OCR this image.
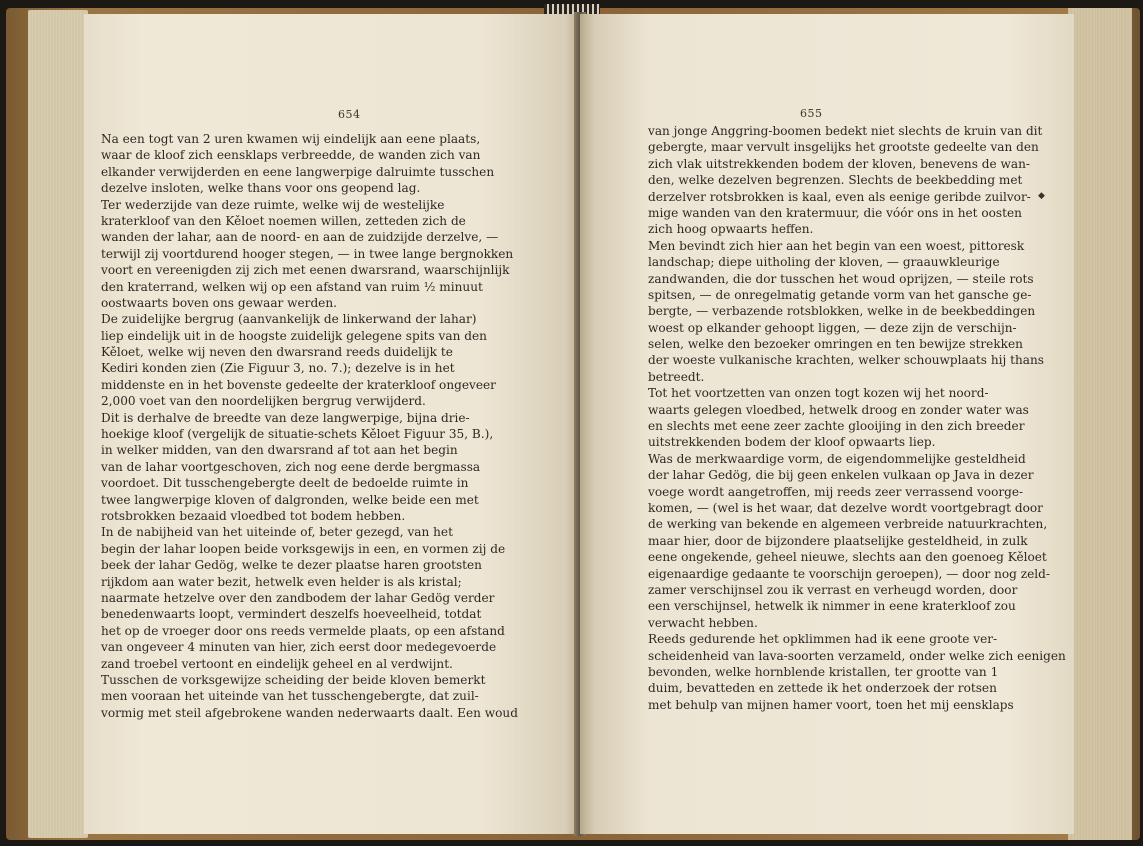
654
Na een togt van 2 uren kwamen wij eindelijk aan eene plaats,
waar de kloof zich eensklaps verbreedde, de wanden zich van
elkander verwijderden en eene langwerpige dalruimte tusschen
dezelve insloten, welke thans voor ons geopend lag.
Ter wederzijde van deze ruimte, welke wij de westelijke
kraterkloof van den Kěloet noemen willen, zetteden zich de
wanden der lahar, aan de noord- en aan de zuidzijde derzelve, —
terwijl zij voortdurend hooger stegen, — in twee lange bergnokken
voort en vereenigden zij zich met eenen dwarsrand, waarschijnlijk
den kraterrand, welken wij op een afstand van ruim ½ minuut
oostwaarts boven ons gewaar werden.
De zuidelijke bergrug (aanvankelijk de linkerwand der lahar)
liep eindelijk uit in de hoogste zuidelijk gelegene spits van den
Kěloet, welke wij neven den dwarsrand reeds duidelijk te
Kediri konden zien (Zie Figuur 3, no. 7.); dezelve is in het
middenste en in het bovenste gedeelte der kraterkloof ongeveer
2,000 voet van den noordelijken bergrug verwijderd.
Dit is derhalve de breedte van deze langwerpige, bijna drie-
hoekige kloof (vergelijk de situatie-schets Kěloet Figuur 35, B.),
in welker midden, van den dwarsrand af tot aan het begin
van de lahar voortgeschoven, zich nog eene derde bergmassa
voordoet. Dit tusschengebergte deelt de bedoelde ruimte in
twee langwerpige kloven of dalgronden, welke beide een met
rotsbrokken bezaaid vloedbed tot bodem hebben.
In de nabijheid van het uiteinde of, beter gezegd, van het
begin der lahar loopen beide vorksgewijs in een, en vormen zij de
beek der lahar Gedög, welke te dezer plaatse haren grootsten
rijkdom aan water bezit, hetwelk even helder is als kristal;
naarmate hetzelve over den zandbodem der lahar Gedög verder
benedenwaarts loopt, vermindert deszelfs hoeveelheid, totdat
het op de vroeger door ons reeds vermelde plaats, op een afstand
van ongeveer 4 minuten van hier, zich eerst door medegevoerde
zand troebel vertoont en eindelijk geheel en al verdwijnt.
Tusschen de vorksgewijze scheiding der beide kloven bemerkt
men vooraan het uiteinde van het tusschengebergte, dat zuil-
vormig met steil afgebrokene wanden nederwaarts daalt. Een woud
655
van jonge Anggring-boomen bedekt niet slechts de kruin van dit
gebergte, maar vervult insgelijks het grootste gedeelte van den
zich vlak uitstrekkenden bodem der kloven, benevens de wan-
den, welke dezelven begrenzen. Slechts de beekbedding met
derzelver rotsbrokken is kaal, even als eenige geribde zuilvor-
mige wanden van den kratermuur, die vóór ons in het oosten
zich hoog opwaarts heffen.
Men bevindt zich hier aan het begin van een woest, pittoresk
landschap; diepe uitholing der kloven, — graauwkleurige
zandwanden, die dor tusschen het woud oprijzen, — steile rots
spitsen, — de onregelmatig getande vorm van het gansche ge-
bergte, — verbazende rotsblokken, welke in de beekbeddingen
woest op elkander gehoopt liggen, — deze zijn de verschijn-
selen, welke den bezoeker omringen en ten bewijze strekken
der woeste vulkanische krachten, welker schouwplaats hij thans
betreedt.
Tot het voortzetten van onzen togt kozen wij het noord-
waarts gelegen vloedbed, hetwelk droog en zonder water was
en slechts met eene zeer zachte glooijing in den zich breeder
uitstrekkenden bodem der kloof opwaarts liep.
Was de merkwaardige vorm, de eigendommelijke gesteldheid
der lahar Gedög, die bij geen enkelen vulkaan op Java in dezer
voege wordt aangetroffen, mij reeds zeer verrassend voorge-
komen, — (wel is het waar, dat dezelve wordt voortgebragt door
de werking van bekende en algemeen verbreide natuurkrachten,
maar hier, door de bijzondere plaatselijke gesteldheid, in zulk
eene ongekende, geheel nieuwe, slechts aan den goenoeg Kěloet
eigenaardige gedaante te voorschijn geroepen), — door nog zeld-
zamer verschijnsel zou ik verrast en verheugd worden, door
een verschijnsel, hetwelk ik nimmer in eene kraterkloof zou
verwacht hebben.
Reeds gedurende het opklimmen had ik eene groote ver-
scheidenheid van lava-soorten verzameld, onder welke zich eenigen
bevonden, welke hornblende kristallen, ter grootte van 1
duim, bevatteden en zettede ik het onderzoek der rotsen
met behulp van mijnen hamer voort, toen het mij eensklaps
◆
